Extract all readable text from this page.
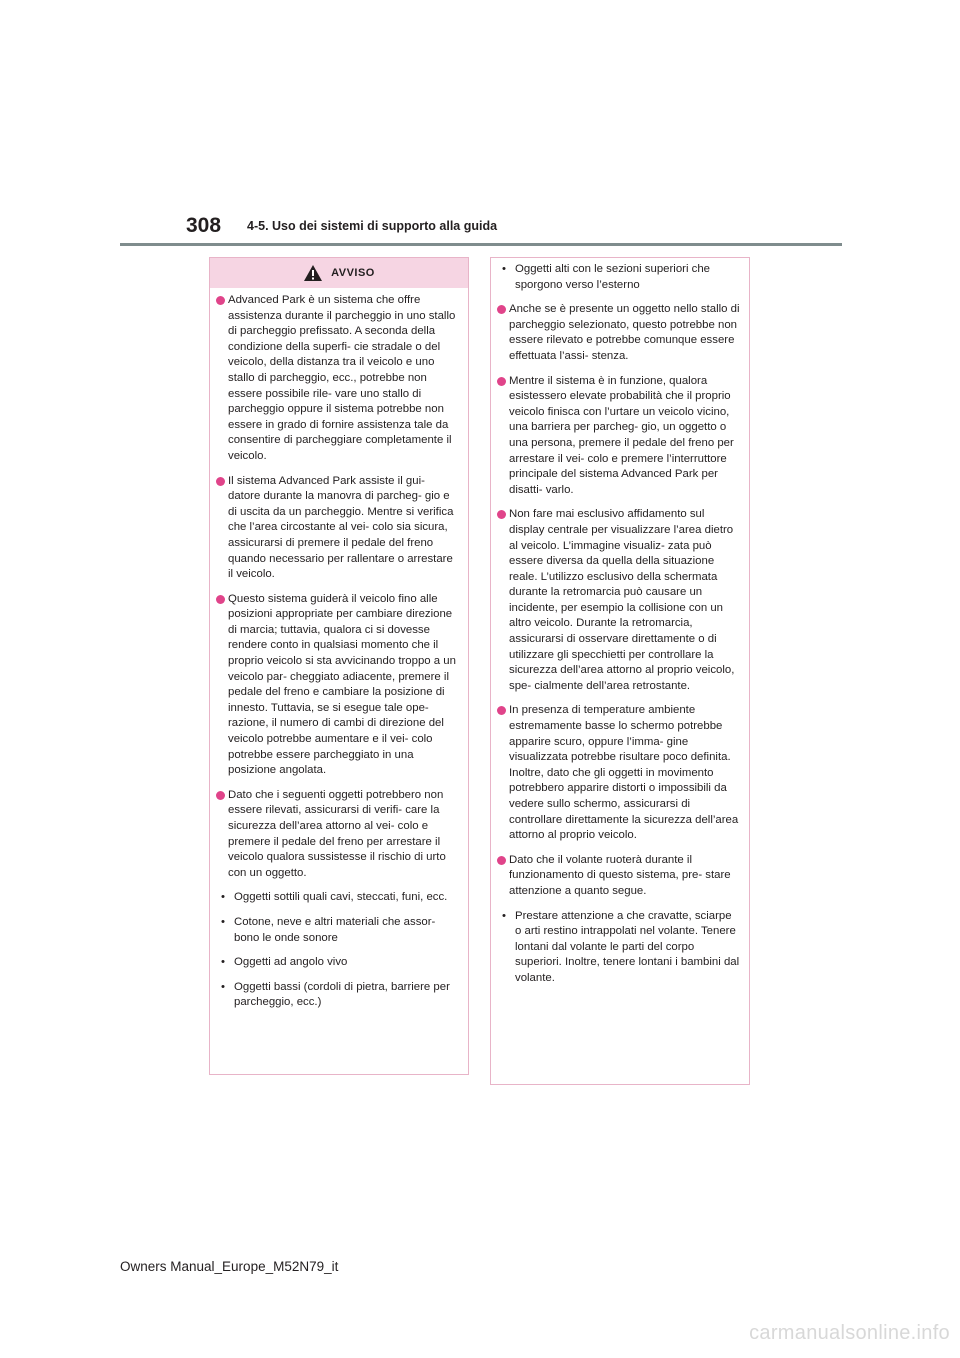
308 4-5. Uso dei sistemi di supporto alla guida
AVVISO
Advanced Park è un sistema che offre assistenza durante il parcheggio in uno stallo di parcheggio prefissato. A seconda della condizione della superfi- cie stradale o del veicolo, della distanza tra il veicolo e uno stallo di parcheggio, ecc., potrebbe non essere possibile rile- vare uno stallo di parcheggio oppure il sistema potrebbe non essere in grado di fornire assistenza tale da consentire di parcheggiare completamente il veicolo.
Il sistema Advanced Park assiste il gui- datore durante la manovra di parcheg- gio e di uscita da un parcheggio. Mentre si verifica che l’area circostante al vei- colo sia sicura, assicurarsi di premere il pedale del freno quando necessario per rallentare o arrestare il veicolo.
Questo sistema guiderà il veicolo fino alle posizioni appropriate per cambiare direzione di marcia; tuttavia, qualora ci si dovesse rendere conto in qualsiasi momento che il proprio veicolo si sta avvicinando troppo a un veicolo par- cheggiato adiacente, premere il pedale del freno e cambiare la posizione di innesto. Tuttavia, se si esegue tale ope- razione, il numero di cambi di direzione del veicolo potrebbe aumentare e il vei- colo potrebbe essere parcheggiato in una posizione angolata.
Dato che i seguenti oggetti potrebbero non essere rilevati, assicurarsi di verifi- care la sicurezza dell’area attorno al vei- colo e premere il pedale del freno per arrestare il veicolo qualora sussistesse il rischio di urto con un oggetto.
• Oggetti sottili quali cavi, steccati, funi, ecc.
• Cotone, neve e altri materiali che assor- bono le onde sonore
• Oggetti ad angolo vivo
• Oggetti bassi (cordoli di pietra, barriere per parcheggio, ecc.)
• Oggetti alti con le sezioni superiori che sporgono verso l’esterno
Anche se è presente un oggetto nello stallo di parcheggio selezionato, questo potrebbe non essere rilevato e potrebbe comunque essere effettuata l’assi- stenza.
Mentre il sistema è in funzione, qualora esistessero elevate probabilità che il proprio veicolo finisca con l’urtare un veicolo vicino, una barriera per parcheg- gio, un oggetto o una persona, premere il pedale del freno per arrestare il vei- colo e premere l’interruttore principale del sistema Advanced Park per disatti- varlo.
Non fare mai esclusivo affidamento sul display centrale per visualizzare l’area dietro al veicolo. L’immagine visualiz- zata può essere diversa da quella della situazione reale. L’utilizzo esclusivo della schermata durante la retromarcia può causare un incidente, per esempio la collisione con un altro veicolo. Durante la retromarcia, assicurarsi di osservare direttamente o di utilizzare gli specchietti per controllare la sicurezza dell’area attorno al proprio veicolo, spe- cialmente dell’area retrostante.
In presenza di temperature ambiente estremamente basse lo schermo potrebbe apparire scuro, oppure l’imma- gine visualizzata potrebbe risultare poco definita. Inoltre, dato che gli oggetti in movimento potrebbero apparire distorti o impossibili da vedere sullo schermo, assicurarsi di controllare direttamente la sicurezza dell’area attorno al proprio veicolo.
Dato che il volante ruoterà durante il funzionamento di questo sistema, pre- stare attenzione a quanto segue.
• Prestare attenzione a che cravatte, sciarpe o arti restino intrappolati nel volante. Tenere lontani dal volante le parti del corpo superiori. Inoltre, tenere lontani i bambini dal volante.
Owners Manual_Europe_M52N79_it
carmanualsonline.info
